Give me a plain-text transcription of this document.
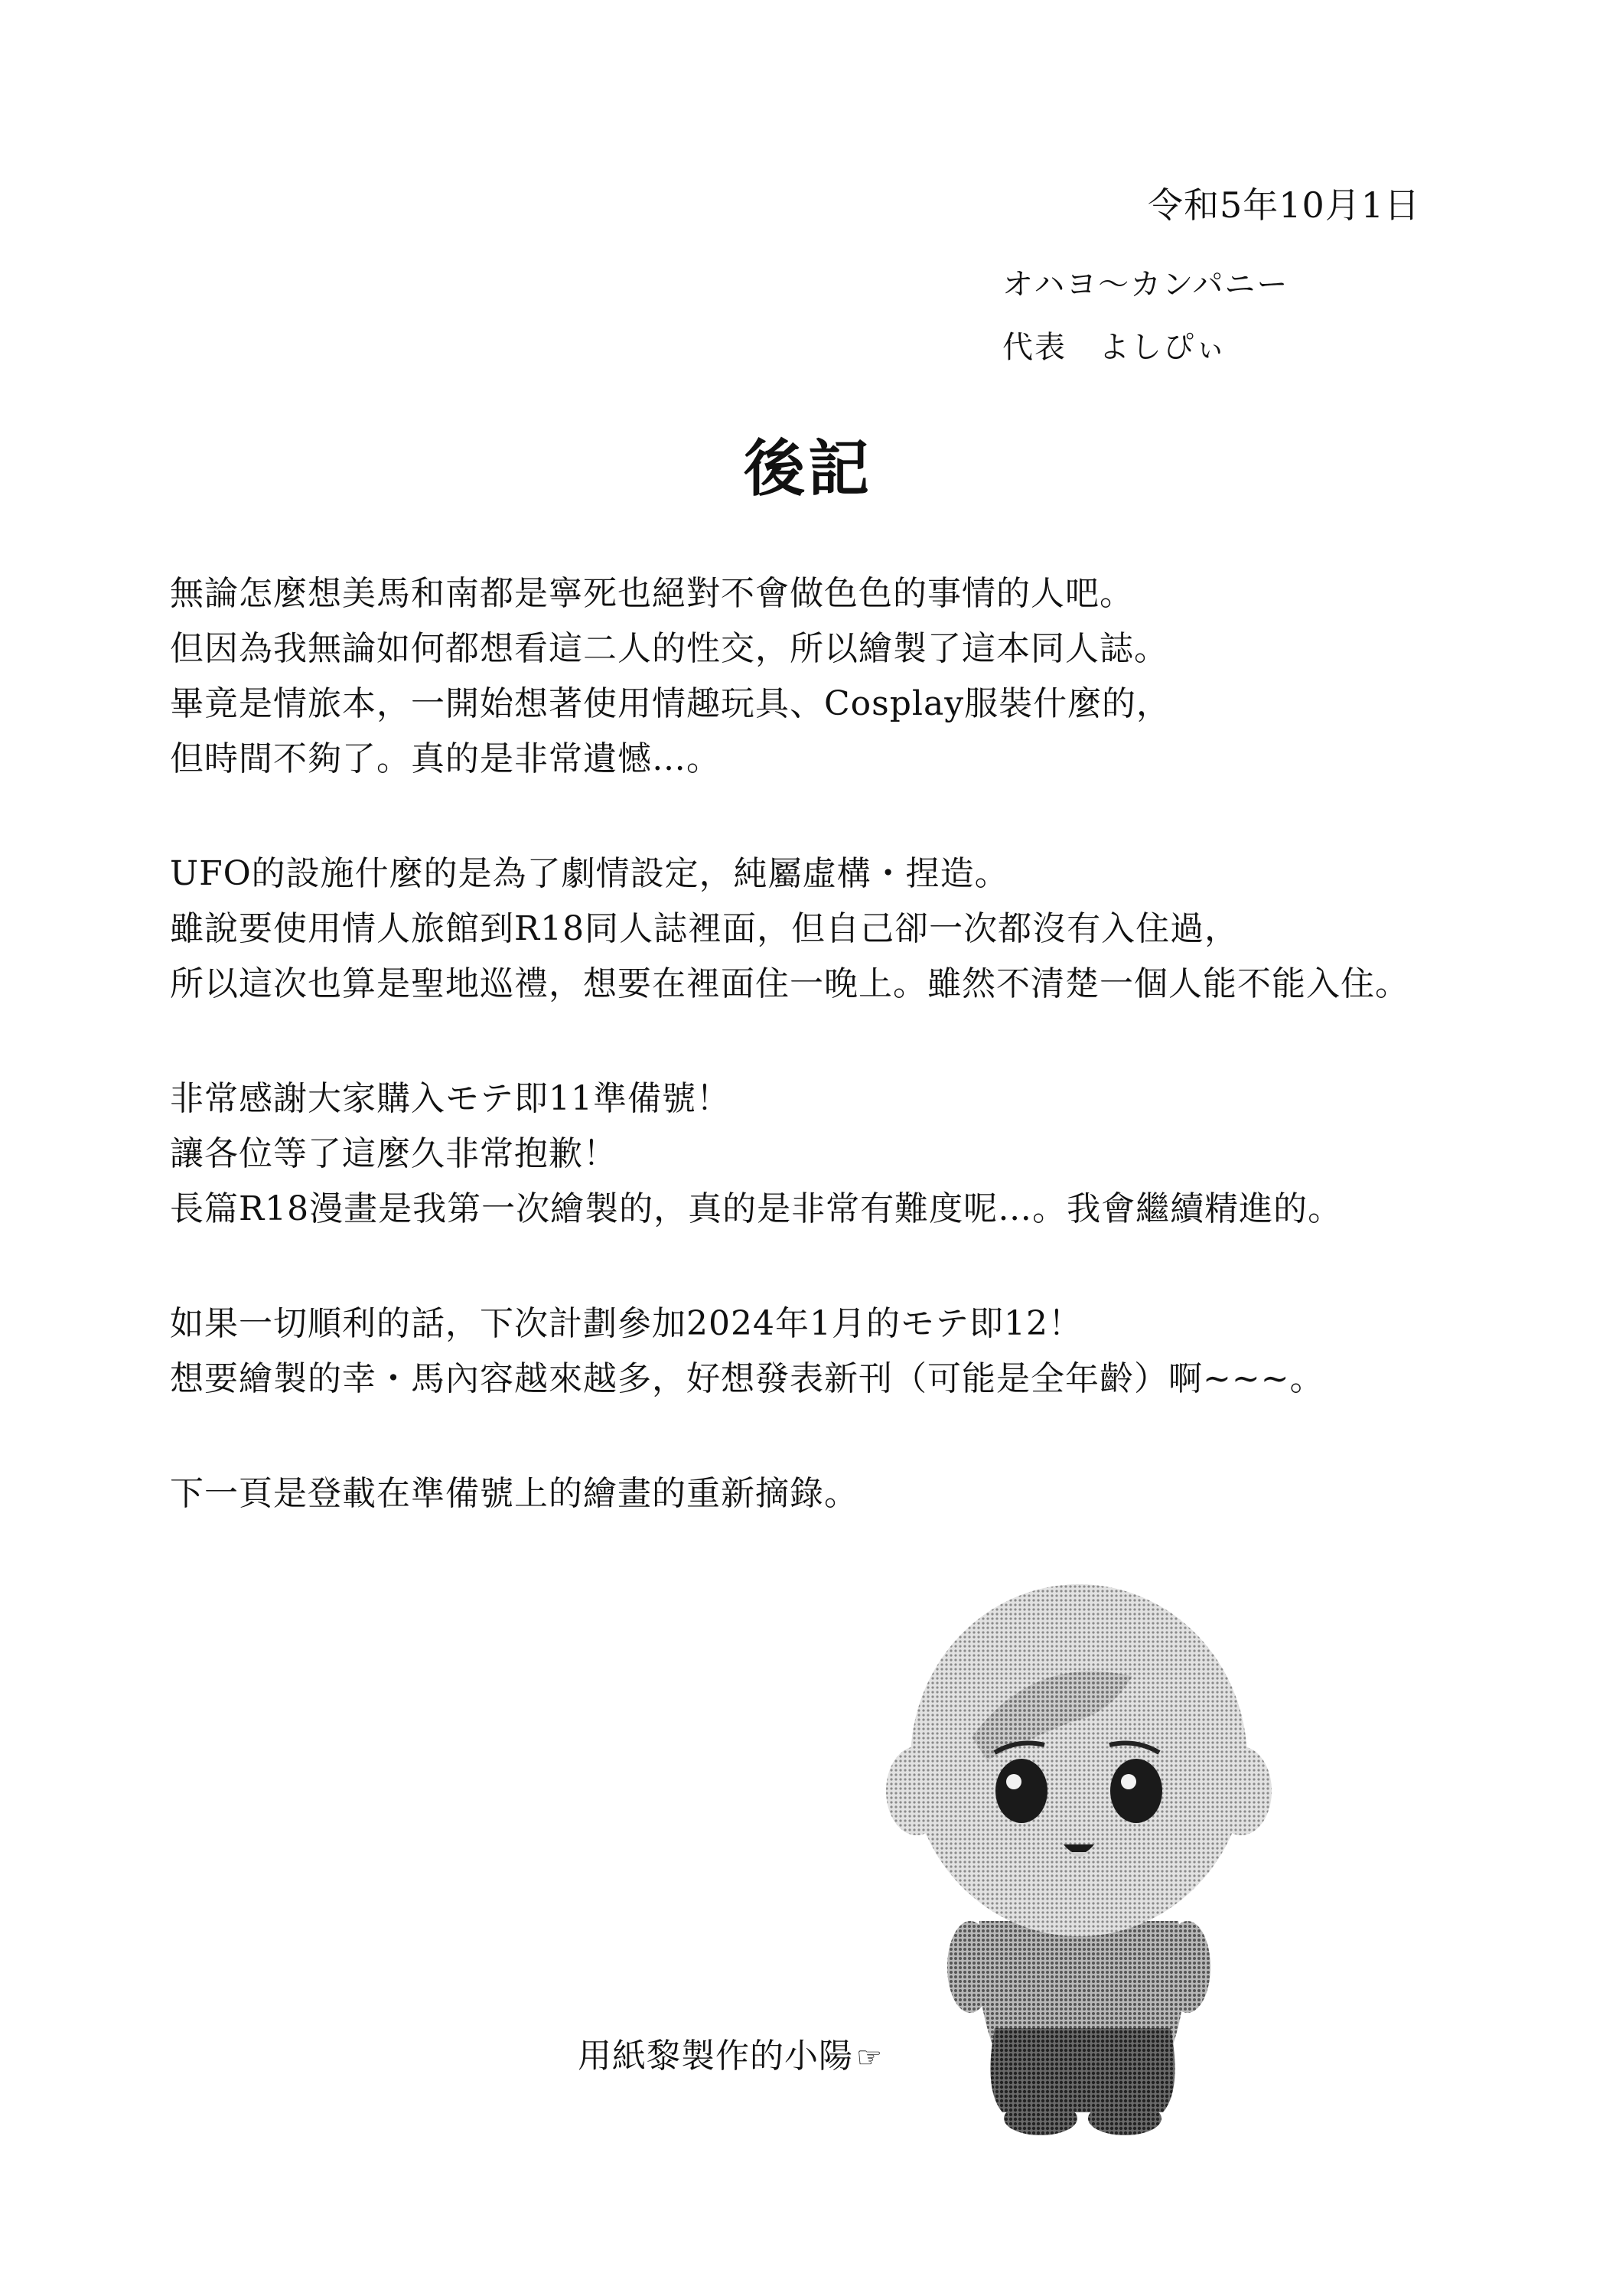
令和5年10月1日
オハヨ〜カンパニー
代表　よしぴぃ
後記
無論怎麼想美馬和南都是寧死也絕對不會做色色的事情的人吧。
但因為我無論如何都想看這二人的性交，所以繪製了這本同人誌。
畢竟是情旅本，一開始想著使用情趣玩具、Cosplay服裝什麼的，
但時間不夠了。真的是非常遺憾…。
UFO的設施什麼的是為了劇情設定，純屬虛構・捏造。
雖說要使用情人旅館到R18同人誌裡面，但自己卻一次都沒有入住過，
所以這次也算是聖地巡禮，想要在裡面住一晚上。雖然不清楚一個人能不能入住。
非常感謝大家購入モテ即11準備號！
讓各位等了這麼久非常抱歉！
長篇R18漫畫是我第一次繪製的，真的是非常有難度呢…。我會繼續精進的。
如果一切順利的話，下次計劃參加2024年1月的モテ即12！
想要繪製的幸・馬內容越來越多，好想發表新刊（可能是全年齡）啊~~~。
下一頁是登載在準備號上的繪畫的重新摘錄。
用紙黎製作的小陽 ☞
